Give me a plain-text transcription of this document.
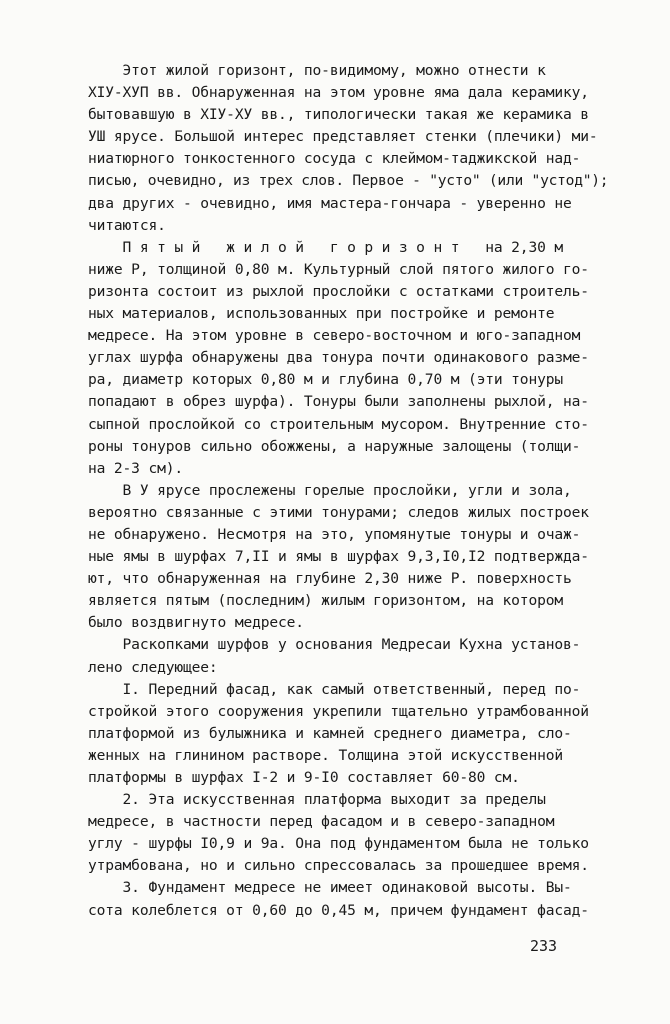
Этот жилой горизонт, по-видимому, можно отнести к
XIУ-ХУП вв. Обнаруженная на этом уровне яма дала керамику,
бытовавшую в XIУ-ХУ вв., типологически такая же керамика в
УШ ярусе. Большой интерес представляет стенки (плечики) ми-
ниатюрного тонкостенного сосуда с клеймом-таджикской над-
писью, очевидно, из трех слов. Первое - "усто" (или "устод");
два других - очевидно, имя мастера-гончара - уверенно не
читаются.
П я т ы й   ж и л о й   г о р и з о н т   на 2,30 м
ниже Р, толщиной 0,80 м. Культурный слой пятого жилого го-
ризонта состоит из рыхлой прослойки с остатками строитель-
ных материалов, использованных при постройке и ремонте
медресе. На этом уровне в северо-восточном и юго-западном
углах шурфа обнаружены два тонура почти одинакового разме-
ра, диаметр которых 0,80 м и глубина 0,70 м (эти тонуры
попадают в обрез шурфа). Тонуры были заполнены рыхлой, на-
сыпной прослойкой со строительным мусором. Внутренние сто-
роны тонуров сильно обожжены, а наружные залощены (толщи-
на 2-3 см).
В У ярусе прослежены горелые прослойки, угли и зола,
вероятно связанные с этими тонурами; следов жилых построек
не обнаружено. Несмотря на это, упомянутые тонуры и очаж-
ные ямы в шурфах 7,II и ямы в шурфах 9,3,I0,I2 подтвержда-
ют, что обнаруженная на глубине 2,30 ниже Р. поверхность
является пятым (последним) жилым горизонтом, на котором
было воздвигнуто медресе.
Раскопками шурфов у основания Медресаи Кухна установ-
лено следующее:
I. Передний фасад, как самый ответственный, перед по-
стройкой этого сооружения укрепили тщательно утрамбованной
платформой из булыжника и камней среднего диаметра, сло-
женных на глинином растворе. Толщина этой искусственной
платформы в шурфах I-2 и 9-I0 составляет 60-80 см.
2. Эта искусственная платформа выходит за пределы
медресе, в частности перед фасадом и в северо-западном
углу - шурфы I0,9 и 9а. Она под фундаментом была не только
утрамбована, но и сильно спрессовалась за прошедшее время.
3. Фундамент медресе не имеет одинаковой высоты. Вы-
сота колеблется от 0,60 до 0,45 м, причем фундамент фасад-
233
